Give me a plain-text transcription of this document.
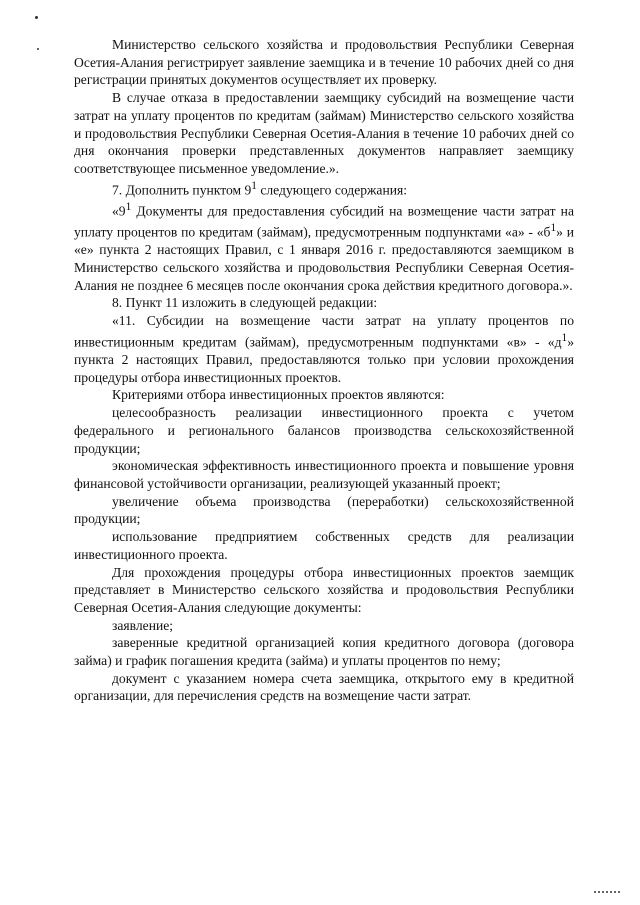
Министерство сельского хозяйства и продовольствия Республики Северная Осетия-Алания регистрирует заявление заемщика и в течение 10 рабочих дней со дня регистрации принятых документов осуществляет их проверку.

В случае отказа в предоставлении заемщику субсидий на возмещение части затрат на уплату процентов по кредитам (займам) Министерство сельского хозяйства и продовольствия Республики Северная Осетия-Алания в течение 10 рабочих дней со дня окончания проверки представленных документов направляет заемщику соответствующее письменное уведомление.».

7. Дополнить пунктом $9^1$ следующего содержания:

«$9^1$ Документы для предоставления субсидий на возмещение части затрат на уплату процентов по кредитам (займам), предусмотренным подпунктами «а» - «$б^1$» и «е» пункта 2 настоящих Правил, с 1 января 2016 г. предоставляются заемщиком в Министерство сельского хозяйства и продовольствия Республики Северная Осетия-Алания не позднее 6 месяцев после окончания срока действия кредитного договора.».

8. Пункт 11 изложить в следующей редакции:

«11. Субсидии на возмещение части затрат на уплату процентов по инвестиционным кредитам (займам), предусмотренным подпунктами «в» - «$д^1$» пункта 2 настоящих Правил, предоставляются только при условии прохождения процедуры отбора инвестиционных проектов.

Критериями отбора инвестиционных проектов являются:

целесообразность реализации инвестиционного проекта с учетом федерального и регионального балансов производства сельскохозяйственной продукции;

экономическая эффективность инвестиционного проекта и повышение уровня финансовой устойчивости организации, реализующей указанный проект;

увеличение объема производства (переработки) сельскохозяйственной продукции;

использование предприятием собственных средств для реализации инвестиционного проекта.

Для прохождения процедуры отбора инвестиционных проектов заемщик представляет в Министерство сельского хозяйства и продовольствия Республики Северная Осетия-Алания следующие документы:

заявление;

заверенные кредитной организацией копия кредитного договора (договора займа) и график погашения кредита (займа) и уплаты процентов по нему;

документ с указанием номера счета заемщика, открытого ему в кредитной организации, для перечисления средств на возмещение части затрат.
